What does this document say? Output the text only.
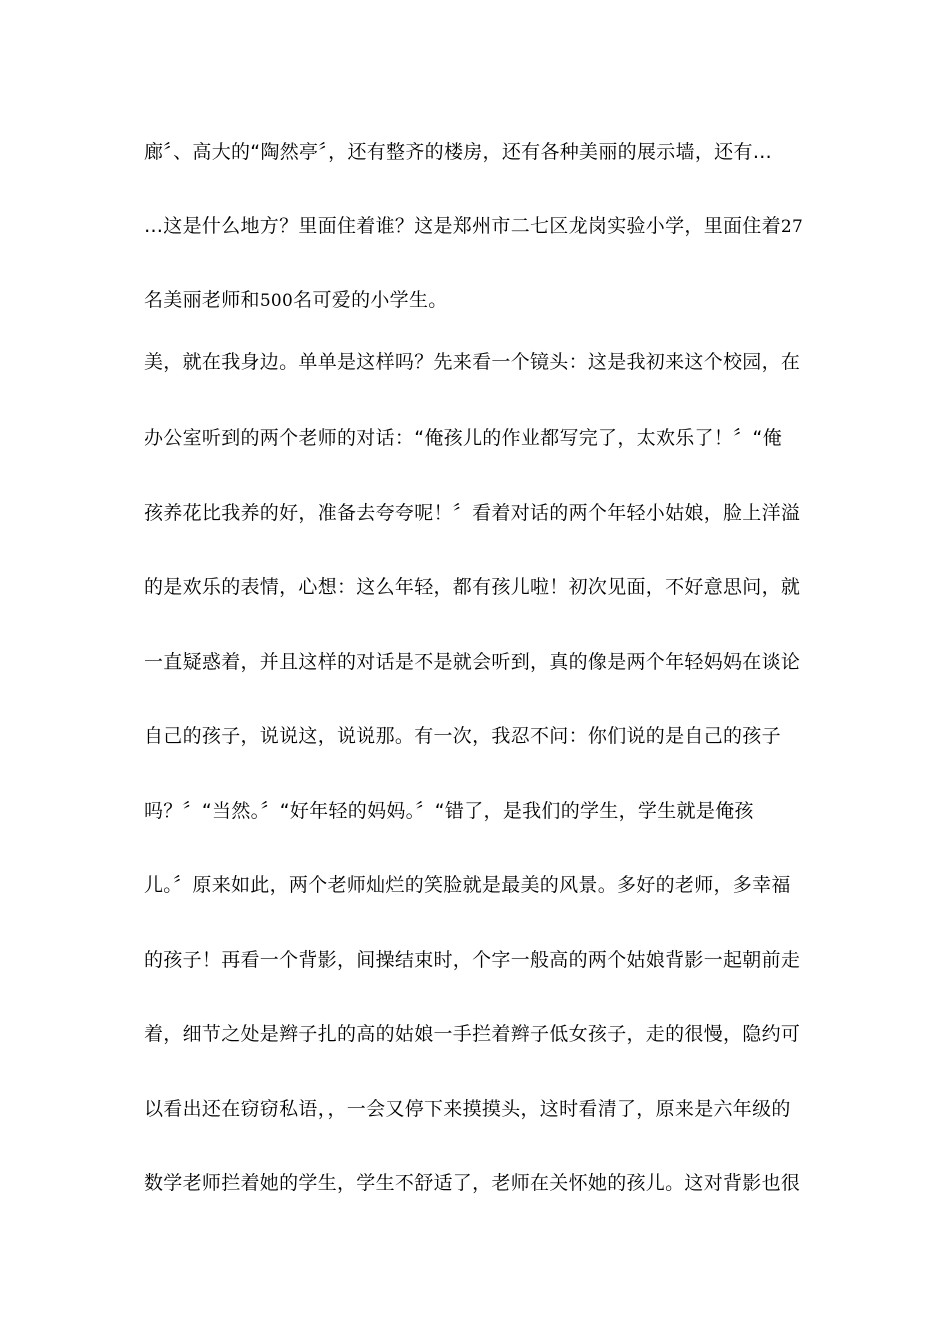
廊〞、高大的“陶然亭〞，还有整齐的楼房，还有各种美丽的展示墙，还有…
…这是什么地方？里面住着谁？这是郑州市二七区龙岗实验小学，里面住着27
名美丽老师和500名可爱的小学生。
美，就在我身边。单单是这样吗？先来看一个镜头：这是我初来这个校园，在
办公室听到的两个老师的对话：“俺孩儿的作业都写完了，太欢乐了！〞“俺
孩养花比我养的好，准备去夸夸呢！〞看着对话的两个年轻小姑娘，脸上洋溢
的是欢乐的表情，心想：这么年轻，都有孩儿啦！初次见面，不好意思问，就
一直疑惑着，并且这样的对话是不是就会听到，真的像是两个年轻妈妈在谈论
自己的孩子，说说这，说说那。有一次，我忍不问：你们说的是自己的孩子
吗？〞“当然。〞“好年轻的妈妈。〞“错了，是我们的学生，学生就是俺孩
儿。〞原来如此，两个老师灿烂的笑脸就是最美的风景。多好的老师，多幸福
的孩子！再看一个背影，间操结束时，个字一般高的两个姑娘背影一起朝前走
着，细节之处是辫子扎的高的姑娘一手拦着辫子低女孩子，走的很慢，隐约可
以看出还在窃窃私语，，一会又停下来摸摸头，这时看清了，原来是六年级的
数学老师拦着她的学生，学生不舒适了，老师在关怀她的孩儿。这对背影也很
